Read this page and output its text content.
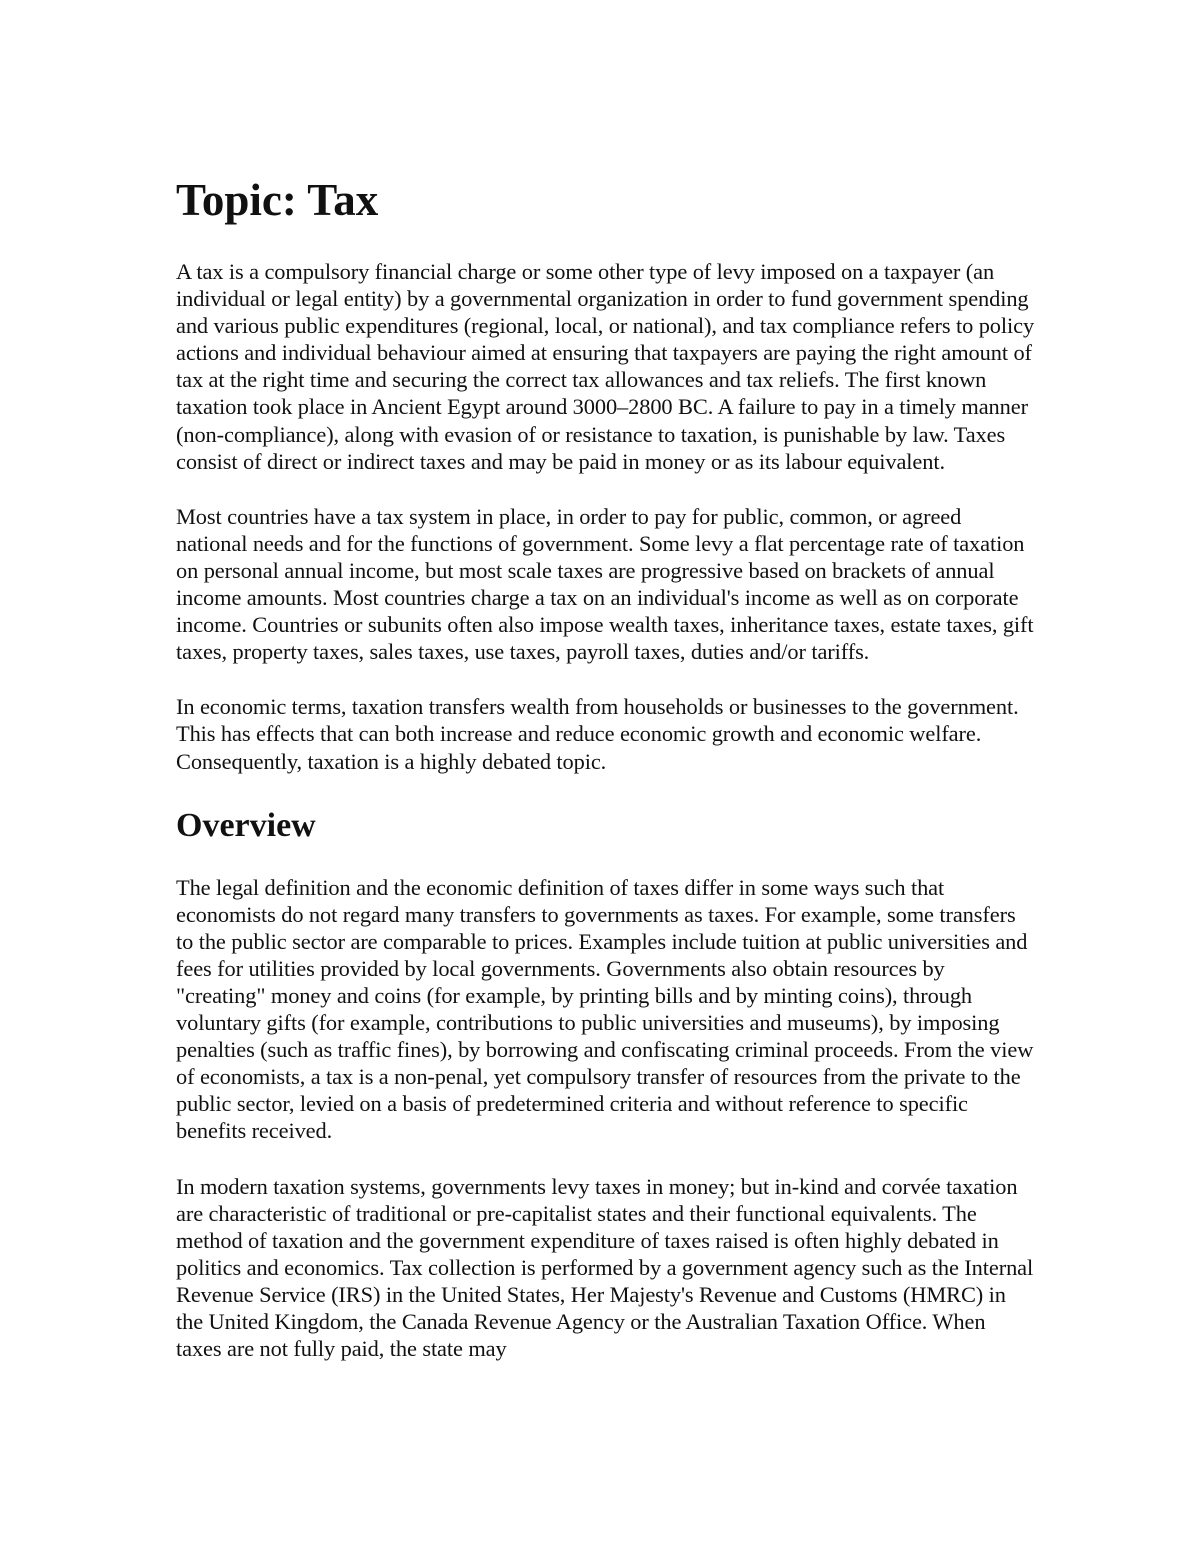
Topic: Tax

A tax is a compulsory financial charge or some other type of levy imposed on a taxpayer (an individual or legal entity) by a governmental organization in order to fund government spending and various public expenditures (regional, local, or national), and tax compliance refers to policy actions and individual behaviour aimed at ensuring that taxpayers are paying the right amount of tax at the right time and securing the correct tax allowances and tax reliefs. The first known taxation took place in Ancient Egypt around 3000–2800 BC. A failure to pay in a timely manner (non-compliance), along with evasion of or resistance to taxation, is punishable by law. Taxes consist of direct or indirect taxes and may be paid in money or as its labour equivalent.

Most countries have a tax system in place, in order to pay for public, common, or agreed national needs and for the functions of government. Some levy a flat percentage rate of taxation on personal annual income, but most scale taxes are progressive based on brackets of annual income amounts. Most countries charge a tax on an individual's income as well as on corporate income. Countries or subunits often also impose wealth taxes, inheritance taxes, estate taxes, gift taxes, property taxes, sales taxes, use taxes, payroll taxes, duties and/or tariffs.

In economic terms, taxation transfers wealth from households or businesses to the government. This has effects that can both increase and reduce economic growth and economic welfare. Consequently, taxation is a highly debated topic.

Overview

The legal definition and the economic definition of taxes differ in some ways such that economists do not regard many transfers to governments as taxes. For example, some transfers to the public sector are comparable to prices. Examples include tuition at public universities and fees for utilities provided by local governments. Governments also obtain resources by "creating" money and coins (for example, by printing bills and by minting coins), through voluntary gifts (for example, contributions to public universities and museums), by imposing penalties (such as traffic fines), by borrowing and confiscating criminal proceeds. From the view of economists, a tax is a non-penal, yet compulsory transfer of resources from the private to the public sector, levied on a basis of predetermined criteria and without reference to specific benefits received.

In modern taxation systems, governments levy taxes in money; but in-kind and corvée taxation are characteristic of traditional or pre-capitalist states and their functional equivalents. The method of taxation and the government expenditure of taxes raised is often highly debated in politics and economics. Tax collection is performed by a government agency such as the Internal Revenue Service (IRS) in the United States, Her Majesty's Revenue and Customs (HMRC) in the United Kingdom, the Canada Revenue Agency or the Australian Taxation Office. When taxes are not fully paid, the state may
